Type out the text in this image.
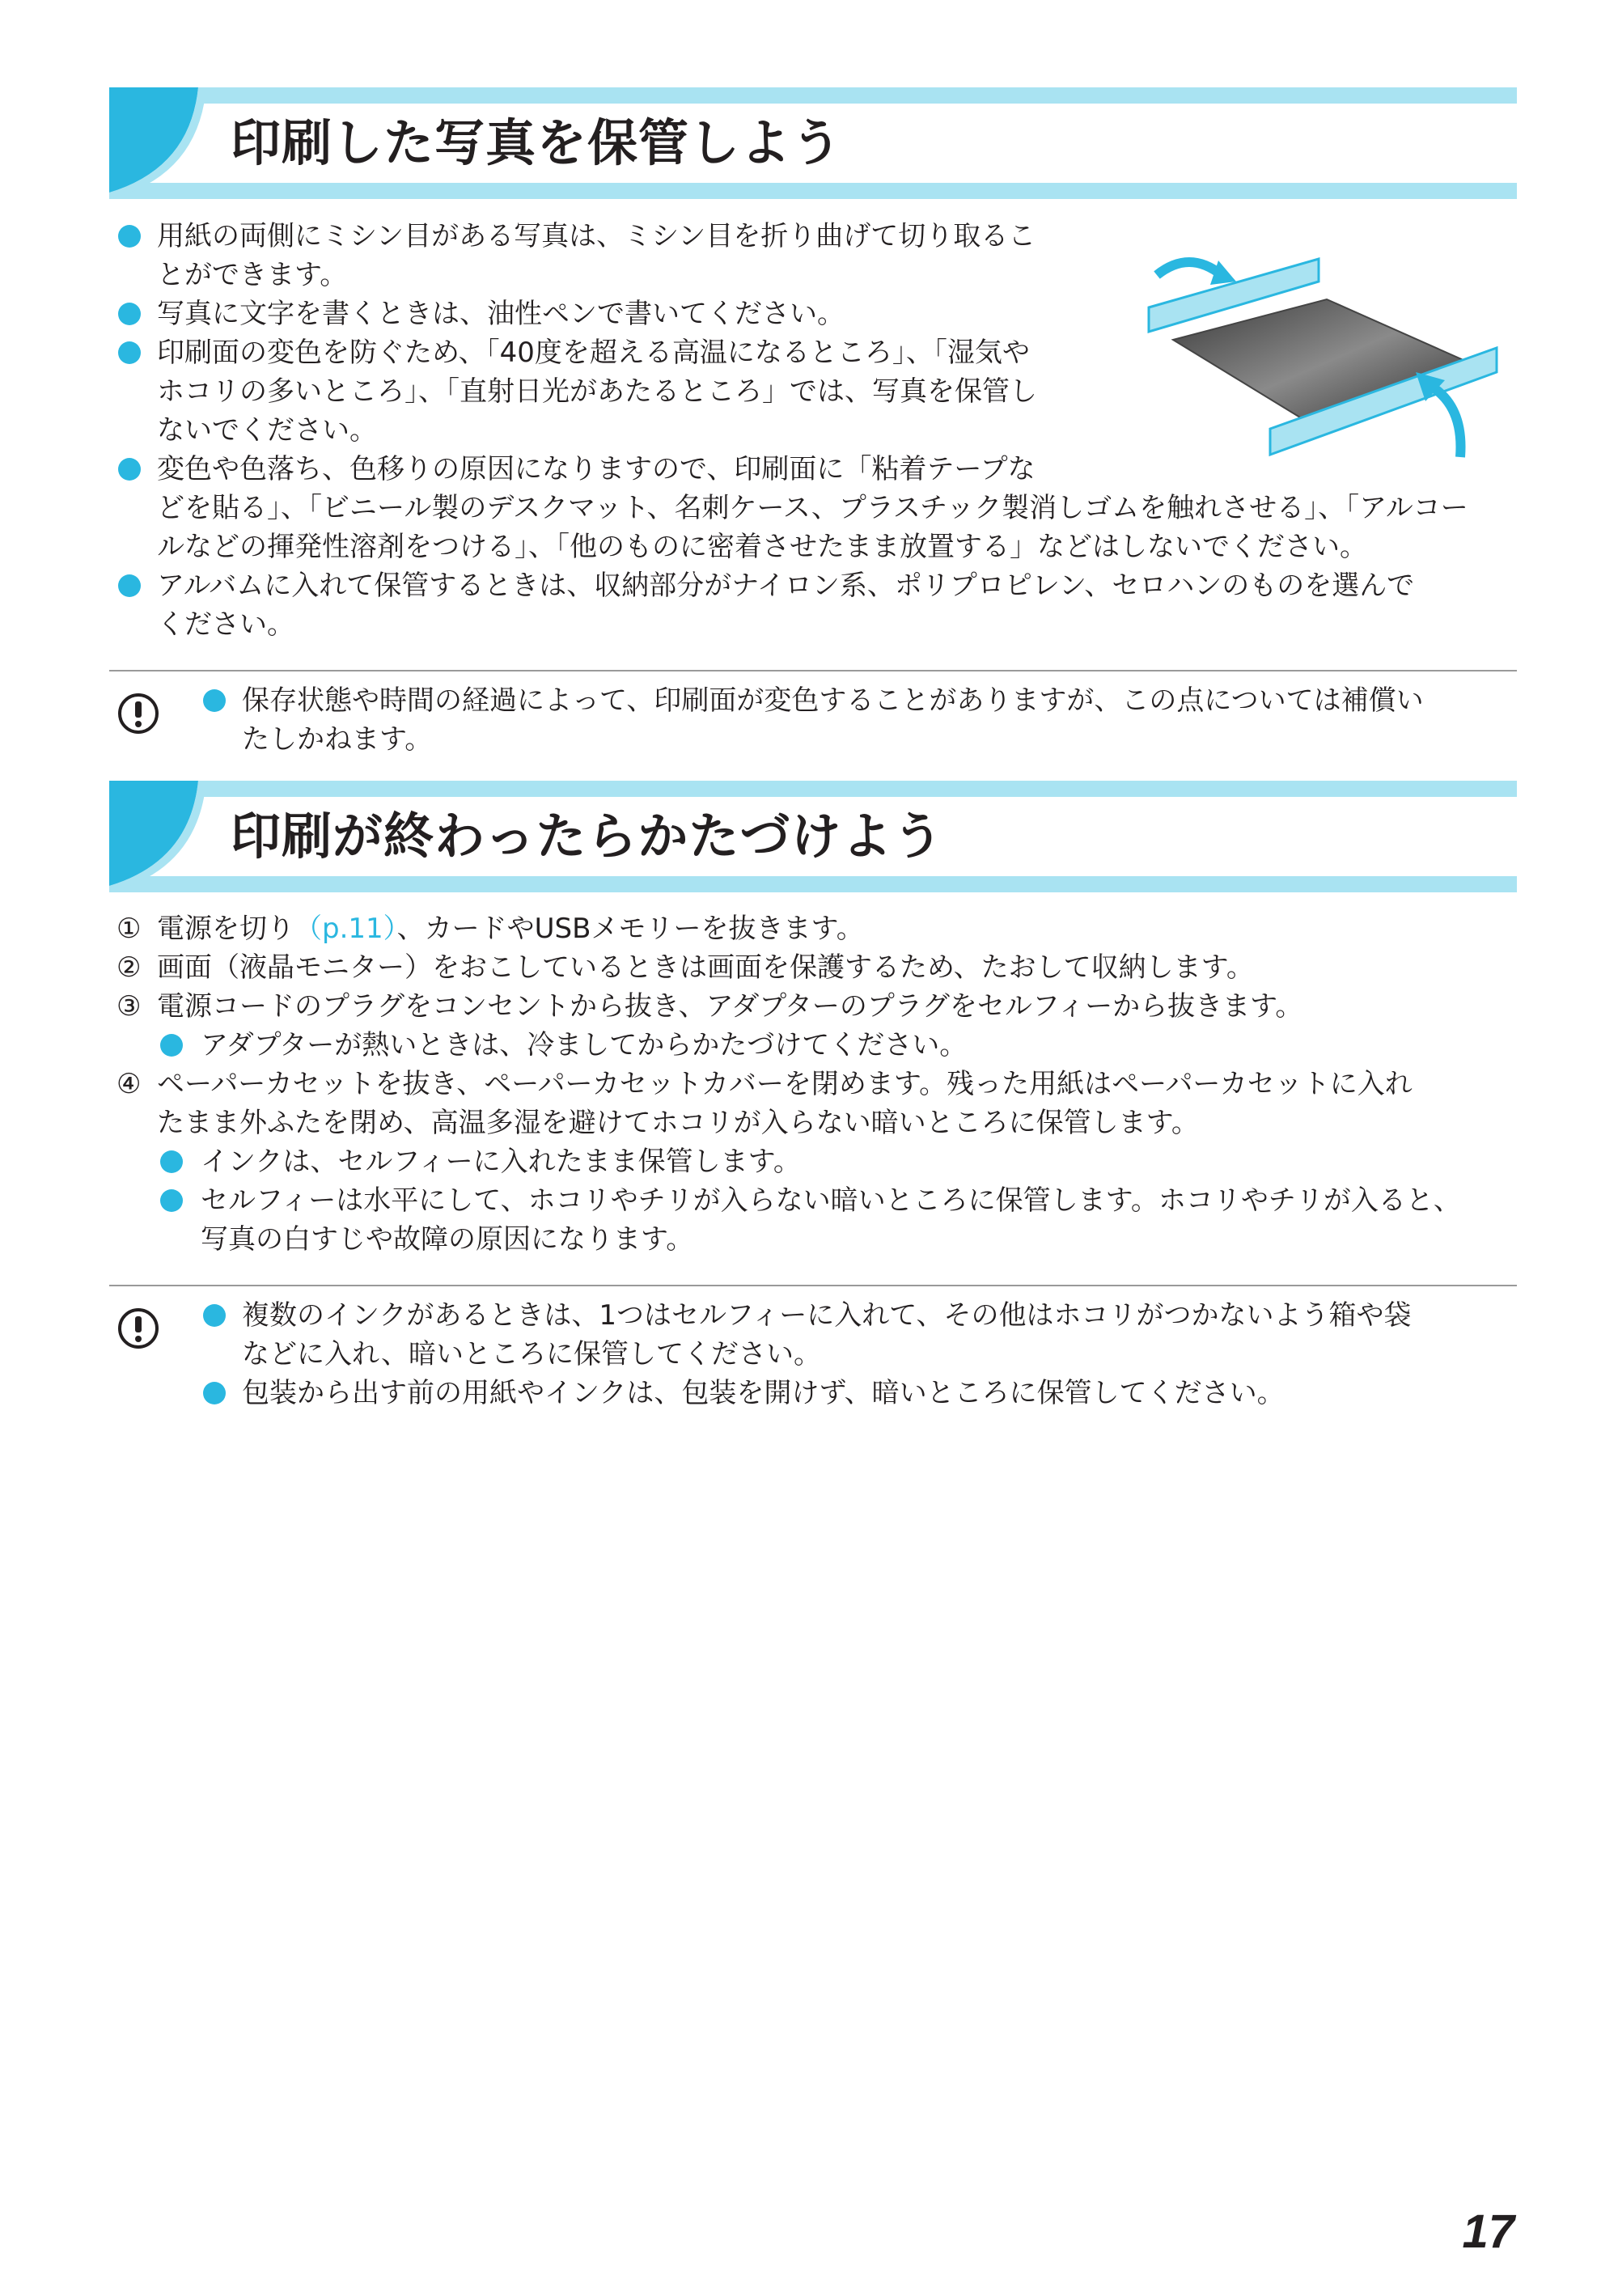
印刷した写真を保管しよう
用紙の両側にミシン目がある写真は、ミシン目を折り曲げて切り取るこ
とができます。
写真に文字を書くときは、油性ペンで書いてください。
印刷面の変色を防ぐため、「40度を超える高温になるところ」、「湿気や
ホコリの多いところ」、「直射日光があたるところ」では、写真を保管し
ないでください。
変色や色落ち、色移りの原因になりますので、印刷面に「粘着テープな
どを貼る」、「ビニール製のデスクマット、名刺ケース、プラスチック製消しゴムを触れさせる」、「アルコー
ルなどの揮発性溶剤をつける」、「他のものに密着させたまま放置する」などはしないでください。
アルバムに入れて保管するときは、収納部分がナイロン系、ポリプロピレン、セロハンのものを選んで
ください。
保存状態や時間の経過によって、印刷面が変色することがありますが、この点については補償い
たしかねます。
印刷が終わったらかたづけよう
① 電源を切り（p.11）、カードやUSBメモリーを抜きます。
② 画面（液晶モニター）をおこしているときは画面を保護するため、たおして収納します。
③ 電源コードのプラグをコンセントから抜き、アダプターのプラグをセルフィーから抜きます。
アダプターが熱いときは、冷ましてからかたづけてください。
④ ペーパーカセットを抜き、ペーパーカセットカバーを閉めます。残った用紙はペーパーカセットに入れ
たまま外ふたを閉め、高温多湿を避けてホコリが入らない暗いところに保管します。
インクは、セルフィーに入れたまま保管します。
セルフィーは水平にして、ホコリやチリが入らない暗いところに保管します。ホコリやチリが入ると、
写真の白すじや故障の原因になります。
複数のインクがあるときは、1つはセルフィーに入れて、その他はホコリがつかないよう箱や袋
などに入れ、暗いところに保管してください。
包装から出す前の用紙やインクは、包装を開けず、暗いところに保管してください。
17
